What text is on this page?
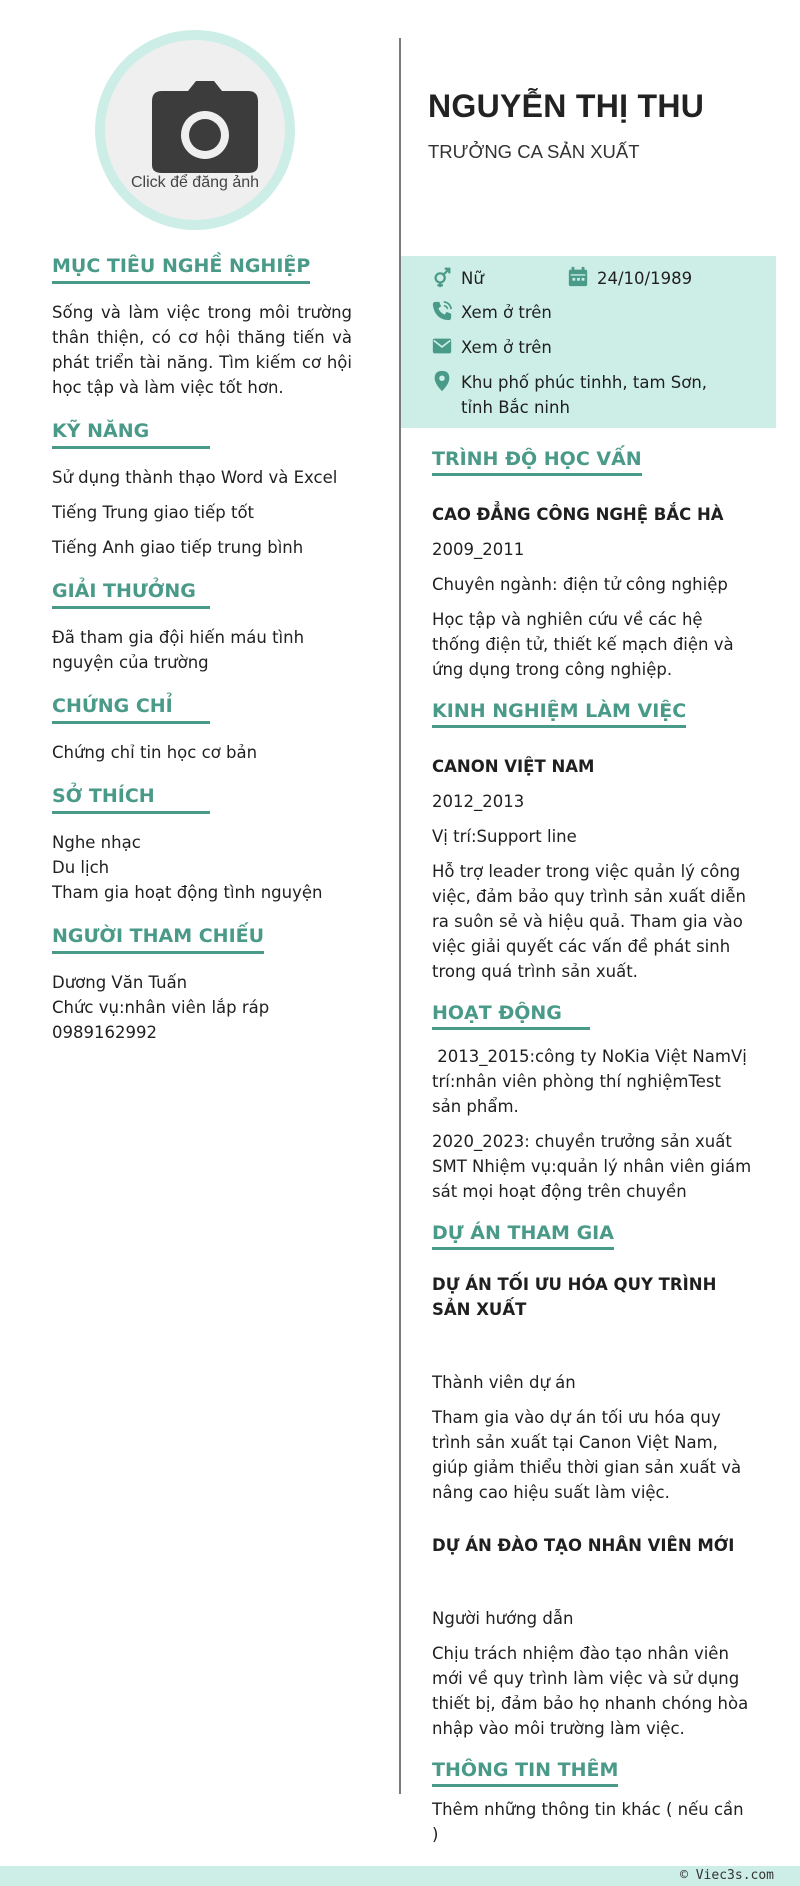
Click để đăng ảnh
NGUYỄN THỊ THU
TRƯỞNG CA SẢN XUẤT
Nữ	24/10/1989
Xem ở trên
Xem ở trên
Khu phố phúc tinhh, tam Sơn, tỉnh Bắc ninh
MỤC TIÊU NGHỀ NGHIỆP
Sống và làm việc trong môi trường thân thiện, có cơ hội thăng tiến và phát triển tài năng. Tìm kiếm cơ hội học tập và làm việc tốt hơn.
KỸ NĂNG
Sử dụng thành thạo Word và Excel
Tiếng Trung giao tiếp tốt
Tiếng Anh giao tiếp trung bình
GIẢI THƯỞNG
Đã tham gia đội hiến máu tình nguyện của trường
CHỨNG CHỈ
Chứng chỉ tin học cơ bản
SỞ THÍCH
Nghe nhạc
Du lịch
Tham gia hoạt động tình nguyện
NGƯỜI THAM CHIẾU
Dương Văn Tuấn
Chức vụ:nhân viên lắp ráp
0989162992
TRÌNH ĐỘ HỌC VẤN
CAO ĐẲNG CÔNG NGHỆ BẮC HÀ
2009_2011
Chuyên ngành: điện tử công nghiệp
Học tập và nghiên cứu về các hệ thống điện tử, thiết kế mạch điện và ứng dụng trong công nghiệp.
KINH NGHIỆM LÀM VIỆC
CANON VIỆT NAM
2012_2013
Vị trí:Support line
Hỗ trợ leader trong việc quản lý công việc, đảm bảo quy trình sản xuất diễn ra suôn sẻ và hiệu quả. Tham gia vào việc giải quyết các vấn đề phát sinh trong quá trình sản xuất.
HOẠT ĐỘNG
2013_2015:công ty NoKia Việt NamVị trí:nhân viên phòng thí nghiệmTest sản phẩm.
2020_2023: chuyền trưởng sản xuất SMT Nhiệm vụ:quản lý nhân viên giám sát mọi hoạt động trên chuyền
DỰ ÁN THAM GIA
DỰ ÁN TỐI ƯU HÓA QUY TRÌNH SẢN XUẤT
Thành viên dự án
Tham gia vào dự án tối ưu hóa quy trình sản xuất tại Canon Việt Nam, giúp giảm thiểu thời gian sản xuất và nâng cao hiệu suất làm việc.
DỰ ÁN ĐÀO TẠO NHÂN VIÊN MỚI
Người hướng dẫn
Chịu trách nhiệm đào tạo nhân viên mới về quy trình làm việc và sử dụng thiết bị, đảm bảo họ nhanh chóng hòa nhập vào môi trường làm việc.
THÔNG TIN THÊM
Thêm những thông tin khác ( nếu cần )
© Viec3s.com
